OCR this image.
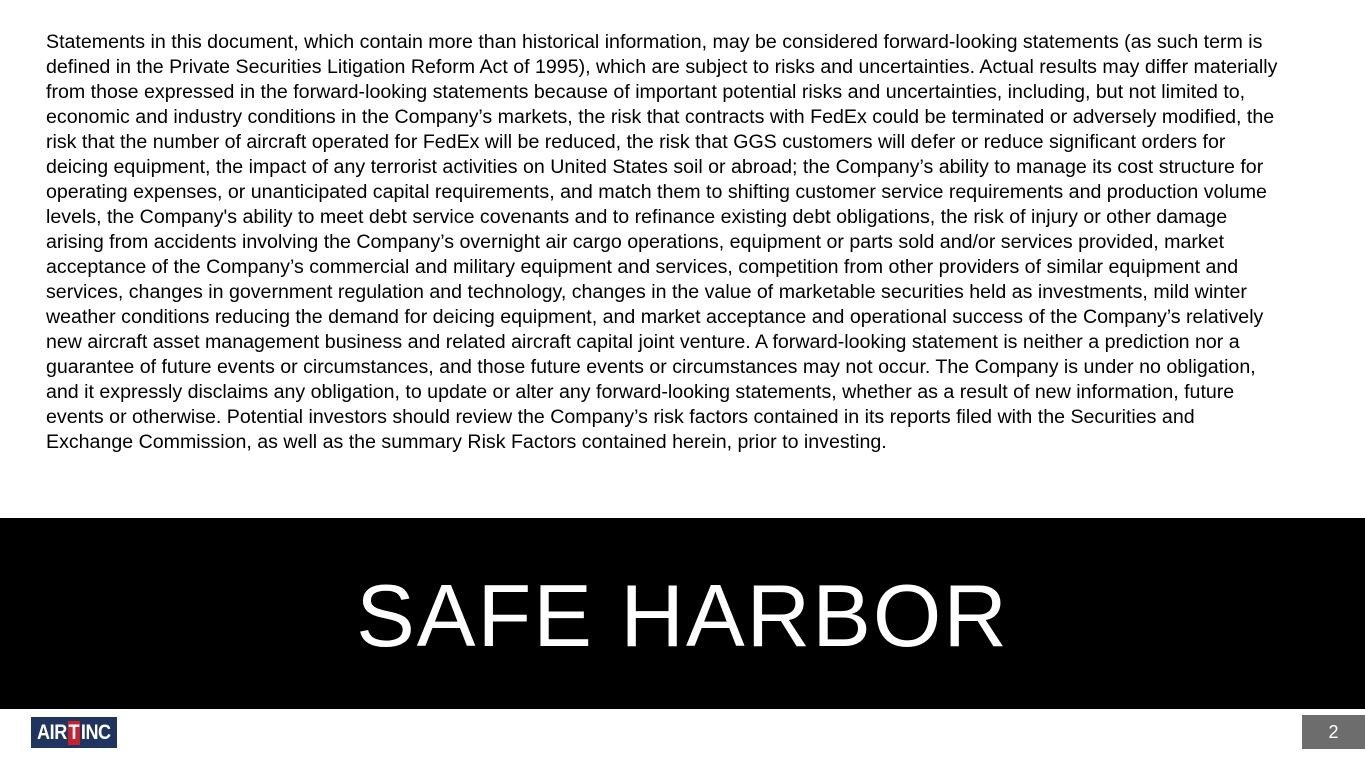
Statements in this document, which contain more than historical information, may be considered forward-looking statements (as such term is defined in the Private Securities Litigation Reform Act of 1995), which are subject to risks and uncertainties. Actual results may differ materially from those expressed in the forward-looking statements because of important potential risks and uncertainties, including, but not limited to, economic and industry conditions in the Company’s markets, the risk that contracts with FedEx could be terminated or adversely modified, the risk that the number of aircraft operated for FedEx will be reduced, the risk that GGS customers will defer or reduce significant orders for deicing equipment, the impact of any terrorist activities on United States soil or abroad; the Company’s ability to manage its cost structure for operating expenses, or unanticipated capital requirements, and match them to shifting customer service requirements and production volume levels, the Company's ability to meet debt service covenants and to refinance existing debt obligations, the risk of injury or other damage arising from accidents involving the Company’s overnight air cargo operations, equipment or parts sold and/or services provided, market acceptance of the Company’s commercial and military equipment and services, competition from other providers of similar equipment and services, changes in government regulation and technology, changes in the value of marketable securities held as investments, mild winter weather conditions reducing the demand for deicing equipment, and market acceptance and operational success of the Company’s relatively new aircraft asset management business and related aircraft capital joint venture. A forward-looking statement is neither a prediction nor a guarantee of future events or circumstances, and those future events or circumstances may not occur. The Company is under no obligation, and it expressly disclaims any obligation, to update or alter any forward-looking statements, whether as a result of new information, future events or otherwise. Potential investors should review the Company’s risk factors contained in its reports filed with the Securities and Exchange Commission, as well as the summary Risk Factors contained herein, prior to investing.

SAFE HARBOR
AIRTINC	2
